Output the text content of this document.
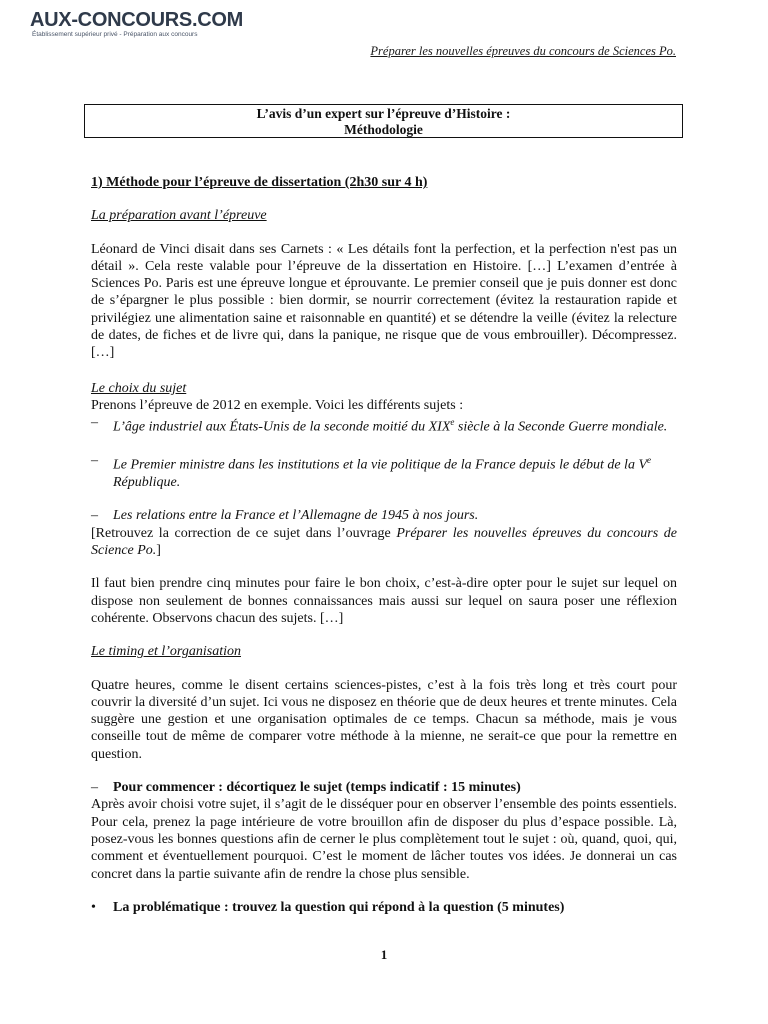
AUX-CONCOURS.COM
Établissement supérieur privé - Préparation aux concours
Préparer les nouvelles épreuves du concours de Sciences Po.
L’avis d’un expert sur l’épreuve d’Histoire :
Méthodologie

1) Méthode pour l’épreuve de dissertation (2h30 sur 4 h)

La préparation avant l’épreuve

Léonard de Vinci disait dans ses Carnets : « Les détails font la perfection, et la perfection n'est pas un détail ». Cela reste valable pour l’épreuve de la dissertation en Histoire. […] L’examen d’entrée à Sciences Po. Paris est une épreuve longue et éprouvante. Le premier conseil que je puis donner est donc de s’épargner le plus possible : bien dormir, se nourrir correctement (évitez la restauration rapide et privilégiez une alimentation saine et raisonnable en quantité) et se détendre la veille (évitez la relecture de dates, de fiches et de livre qui, dans la panique, ne risque que de vous embrouiller). Décompressez. […]

Le choix du sujet

Prenons l’épreuve de 2012 en exemple. Voici les différents sujets :

–	L’âge industriel aux États-Unis de la seconde moitié du XIXe siècle à la Seconde Guerre mondiale.
–	Le Premier ministre dans les institutions et la vie politique de la France depuis le début de la Ve République.
–	Les relations entre la France et l’Allemagne de 1945 à nos jours.

[Retrouvez la correction de ce sujet dans l’ouvrage Préparer les nouvelles épreuves du concours de Science Po.]

Il faut bien prendre cinq minutes pour faire le bon choix, c’est-à-dire opter pour le sujet sur lequel on dispose non seulement de bonnes connaissances mais aussi sur lequel on saura poser une réflexion cohérente. Observons chacun des sujets. […]

Le timing et l’organisation

Quatre heures, comme le disent certains sciences-pistes, c’est à la fois très long et très court pour couvrir la diversité d’un sujet. Ici vous ne disposez en théorie que de deux heures et trente minutes. Cela suggère une gestion et une organisation optimales de ce temps. Chacun sa méthode, mais je vous conseille tout de même de comparer votre méthode à la mienne, ne serait-ce que pour la remettre en question.

–	Pour commencer : décortiquez le sujet (temps indicatif : 15 minutes)

Après avoir choisi votre sujet, il s’agit de le disséquer pour en observer l’ensemble des points essentiels. Pour cela, prenez la page intérieure de votre brouillon afin de disposer du plus d’espace possible. Là, posez-vous les bonnes questions afin de cerner le plus complètement tout le sujet : où, quand, quoi, qui, comment et éventuellement pourquoi. C’est le moment de lâcher toutes vos idées. Je donnerai un cas concret dans la partie suivante afin de rendre la chose plus sensible.

•	La problématique : trouvez la question qui répond à la question (5 minutes)
1
